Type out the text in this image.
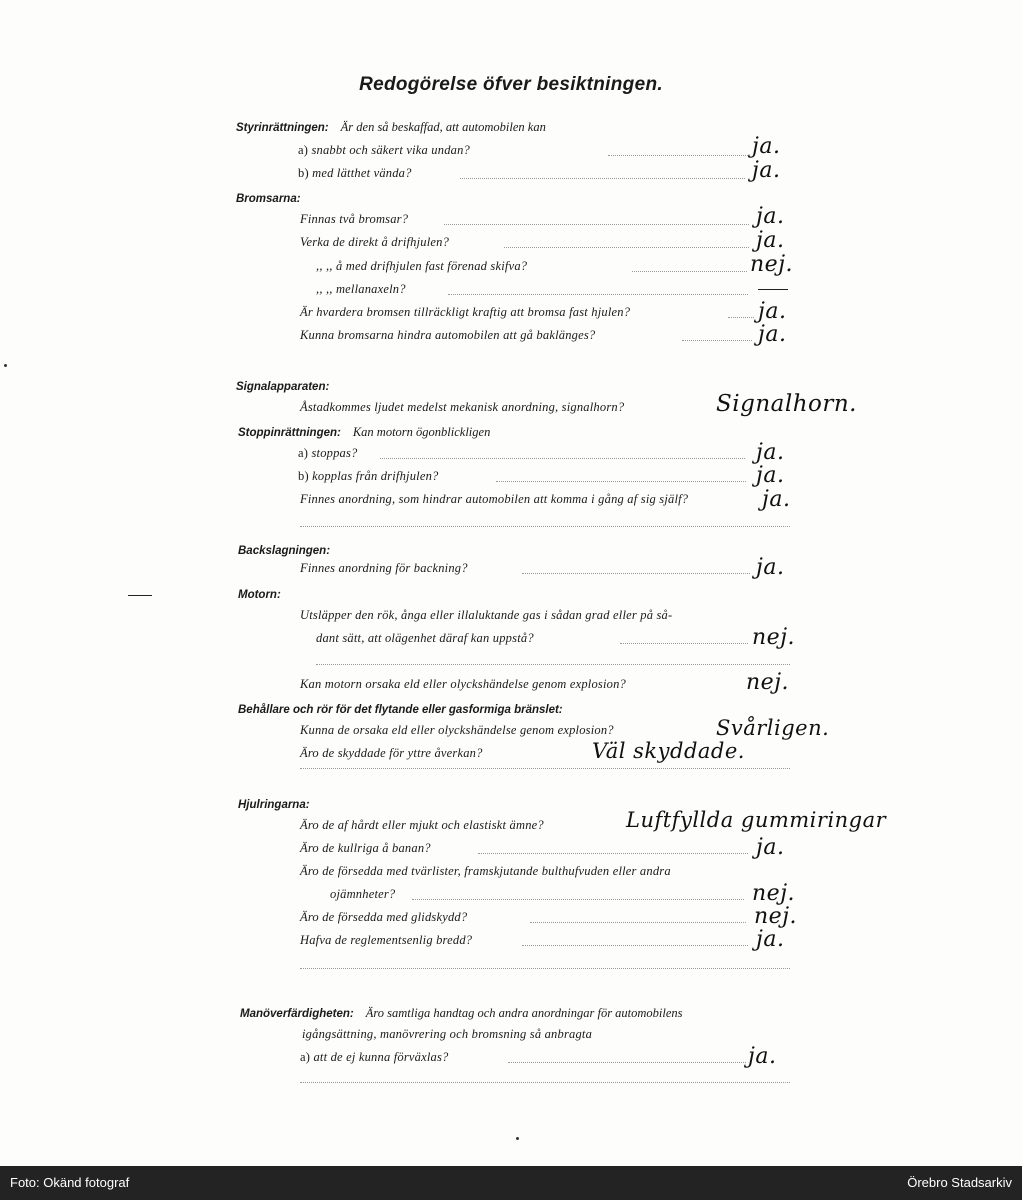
Redogörelse öfver besiktningen.
Styrinrättningen: Är den så beskaffad, att automobilen kan
a) snabbt och säkert vika undan?	ja.
b) med lätthet vända?	ja.
Bromsarna:
Finnas två bromsar?	ja.
Verka de direkt å drifhjulen?	ja.
,, ,, å med drifhjulen fast förenad skifva?	nej.
,, ,, mellanaxeln?
Är hvardera bromsen tillräckligt kraftig att bromsa fast hjulen?	ja.
Kunna bromsarna hindra automobilen att gå baklänges?	ja.
Signalapparaten:
Åstadkommes ljudet medelst mekanisk anordning, signalhorn?	Signalhorn.
Stoppinrättningen: Kan motorn ögonblickligen
a) stoppas?	ja.
b) kopplas från drifhjulen?	ja.
Finnes anordning, som hindrar automobilen att komma i gång af sig själf?	ja.
Backslagningen:
Finnes anordning för backning?	ja.
Motorn:
Utsläpper den rök, ånga eller illaluktande gas i sådan grad eller på så-
dant sätt, att olägenhet däraf kan uppstå?	nej.
Kan motorn orsaka eld eller olyckshändelse genom explosion?	nej.
Behållare och rör för det flytande eller gasformiga bränslet:
Kunna de orsaka eld eller olyckshändelse genom explosion?	Svårligen.
Äro de skyddade för yttre åverkan?	Väl skyddade.
Hjulringarna:
Äro de af hårdt eller mjukt och elastiskt ämne?	Luftfyllda gummiringar
Äro de kullriga å banan?	ja.
Äro de försedda med tvärlister, framskjutande bulthufvuden eller andra
ojämnheter?	nej.
Äro de försedda med glidskydd?	nej.
Hafva de reglementsenlig bredd?	ja.
Manöverfärdigheten: Äro samtliga handtag och andra anordningar för automobilens
igångsättning, manövrering och bromsning så anbragta
a) att de ej kunna förväxlas?	ja.
Foto: Okänd fotograf	Örebro Stadsarkiv
